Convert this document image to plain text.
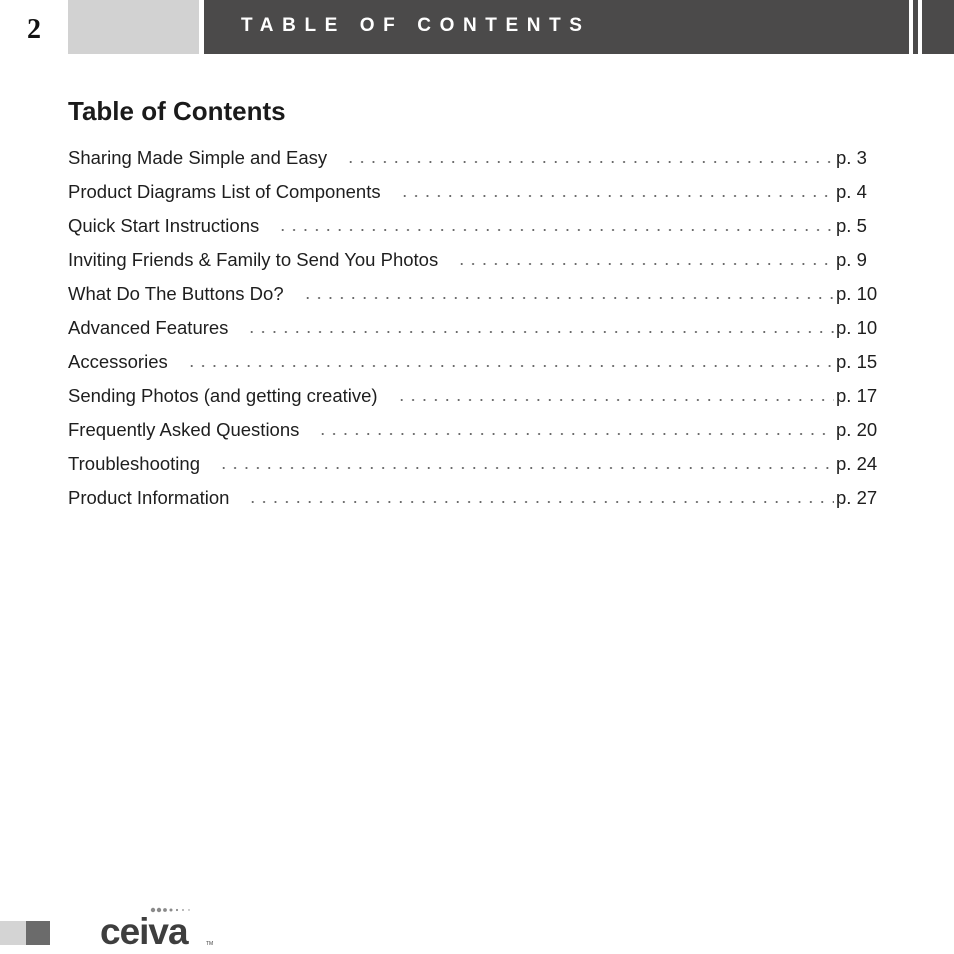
2	TABLE OF CONTENTS
Table of Contents
Sharing Made Simple and Easy	p. 3
Product Diagrams List of Components	p. 4
Quick Start Instructions	p. 5
Inviting Friends & Family to Send You Photos	p. 9
What Do The Buttons Do?	p. 10
Advanced Features	p. 10
Accessories	p. 15
Sending Photos (and getting creative)	p. 17
Frequently Asked Questions	p. 20
Troubleshooting	p. 24
Product Information	p. 27
ceiva	TM
